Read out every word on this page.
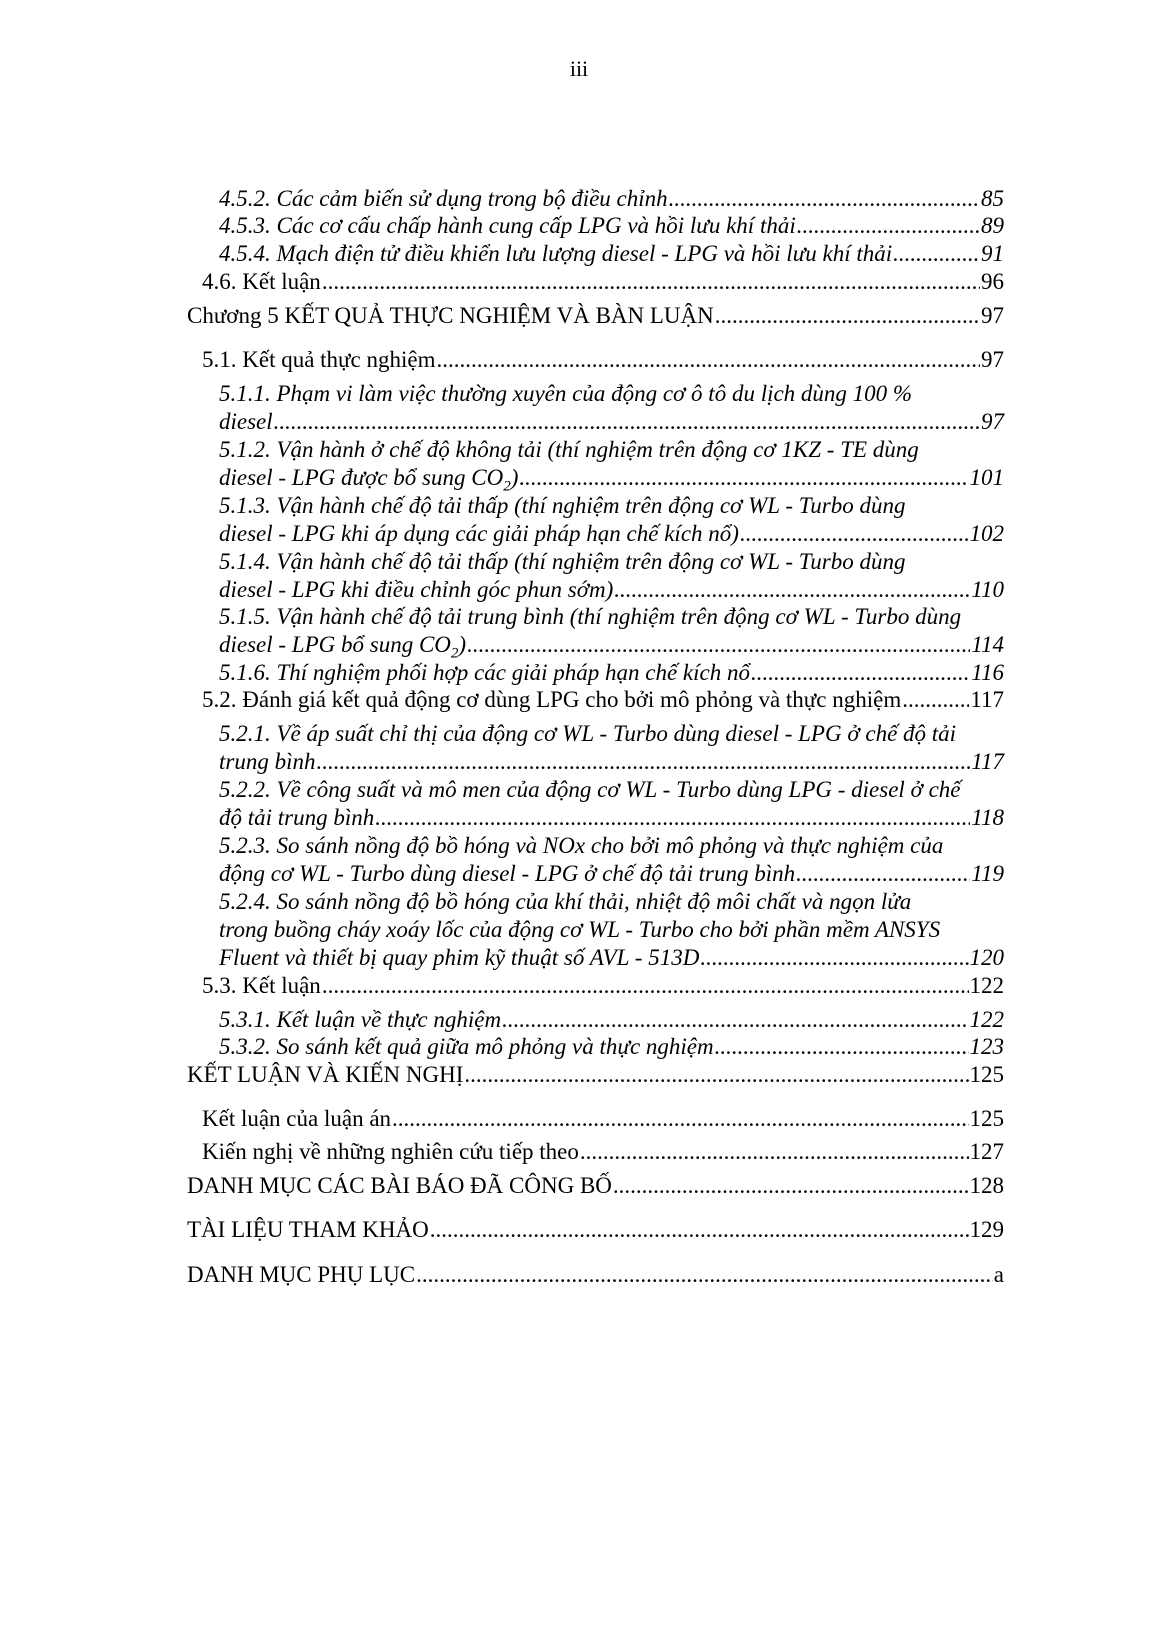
iii
4.5.2. Các cảm biến sử dụng trong bộ điều chỉnh .....	85
4.5.3. Các cơ cấu chấp hành cung cấp LPG và hồi lưu khí thải .....	89
4.5.4. Mạch điện tử điều khiển lưu lượng diesel - LPG và hồi lưu khí thải .....	91
4.6. Kết luận .....	96
Chương 5 KẾT QUẢ THỰC NGHIỆM VÀ BÀN LUẬN .....	97
5.1. Kết quả thực nghiệm .....	97
5.1.1. Phạm vi làm việc thường xuyên của động cơ ô tô du lịch dùng 100 %
diesel .....	97
5.1.2. Vận hành ở chế độ không tải (thí nghiệm trên động cơ 1KZ - TE dùng
diesel - LPG được bổ sung $CO_2$) .....	101
5.1.3. Vận hành chế độ tải thấp (thí nghiệm trên động cơ WL - Turbo dùng
diesel - LPG khi áp dụng các giải pháp hạn chế kích nổ) .....	102
5.1.4. Vận hành chế độ tải thấp (thí nghiệm trên động cơ WL - Turbo dùng
diesel - LPG khi điều chỉnh góc phun sớm) .....	110
5.1.5. Vận hành chế độ tải trung bình (thí nghiệm trên động cơ WL - Turbo dùng
diesel - LPG bổ sung $CO_2$) .....	114
5.1.6. Thí nghiệm phối hợp các giải pháp hạn chế kích nổ .....	116
5.2. Đánh giá kết quả động cơ dùng LPG cho bởi mô phỏng và thực nghiệm .....	117
5.2.1. Về áp suất chỉ thị của động cơ WL - Turbo dùng diesel - LPG ở chế độ tải
trung bình .....	117
5.2.2. Về công suất và mô men của động cơ WL - Turbo dùng LPG - diesel ở chế
độ tải trung bình .....	118
5.2.3. So sánh nồng độ bồ hóng và NOx cho bởi mô phỏng và thực nghiệm của
động cơ WL - Turbo dùng diesel - LPG ở chế độ tải trung bình .....	119
5.2.4. So sánh nồng độ bồ hóng của khí thải, nhiệt độ môi chất và ngọn lửa
trong buồng cháy xoáy lốc của động cơ WL - Turbo cho bởi phần mềm ANSYS
Fluent và thiết bị quay phim kỹ thuật số AVL - 513D .....	120
5.3. Kết luận .....	122
5.3.1. Kết luận về thực nghiệm .....	122
5.3.2. So sánh kết quả giữa mô phỏng và thực nghiệm .....	123
KẾT LUẬN VÀ KIẾN NGHỊ .....	125
Kết luận của luận án .....	125
Kiến nghị về những nghiên cứu tiếp theo .....	127
DANH MỤC CÁC BÀI BÁO ĐÃ CÔNG BỐ .....	128
TÀI LIỆU THAM KHẢO .....	129
DANH MỤC PHỤ LỤC .....	a
